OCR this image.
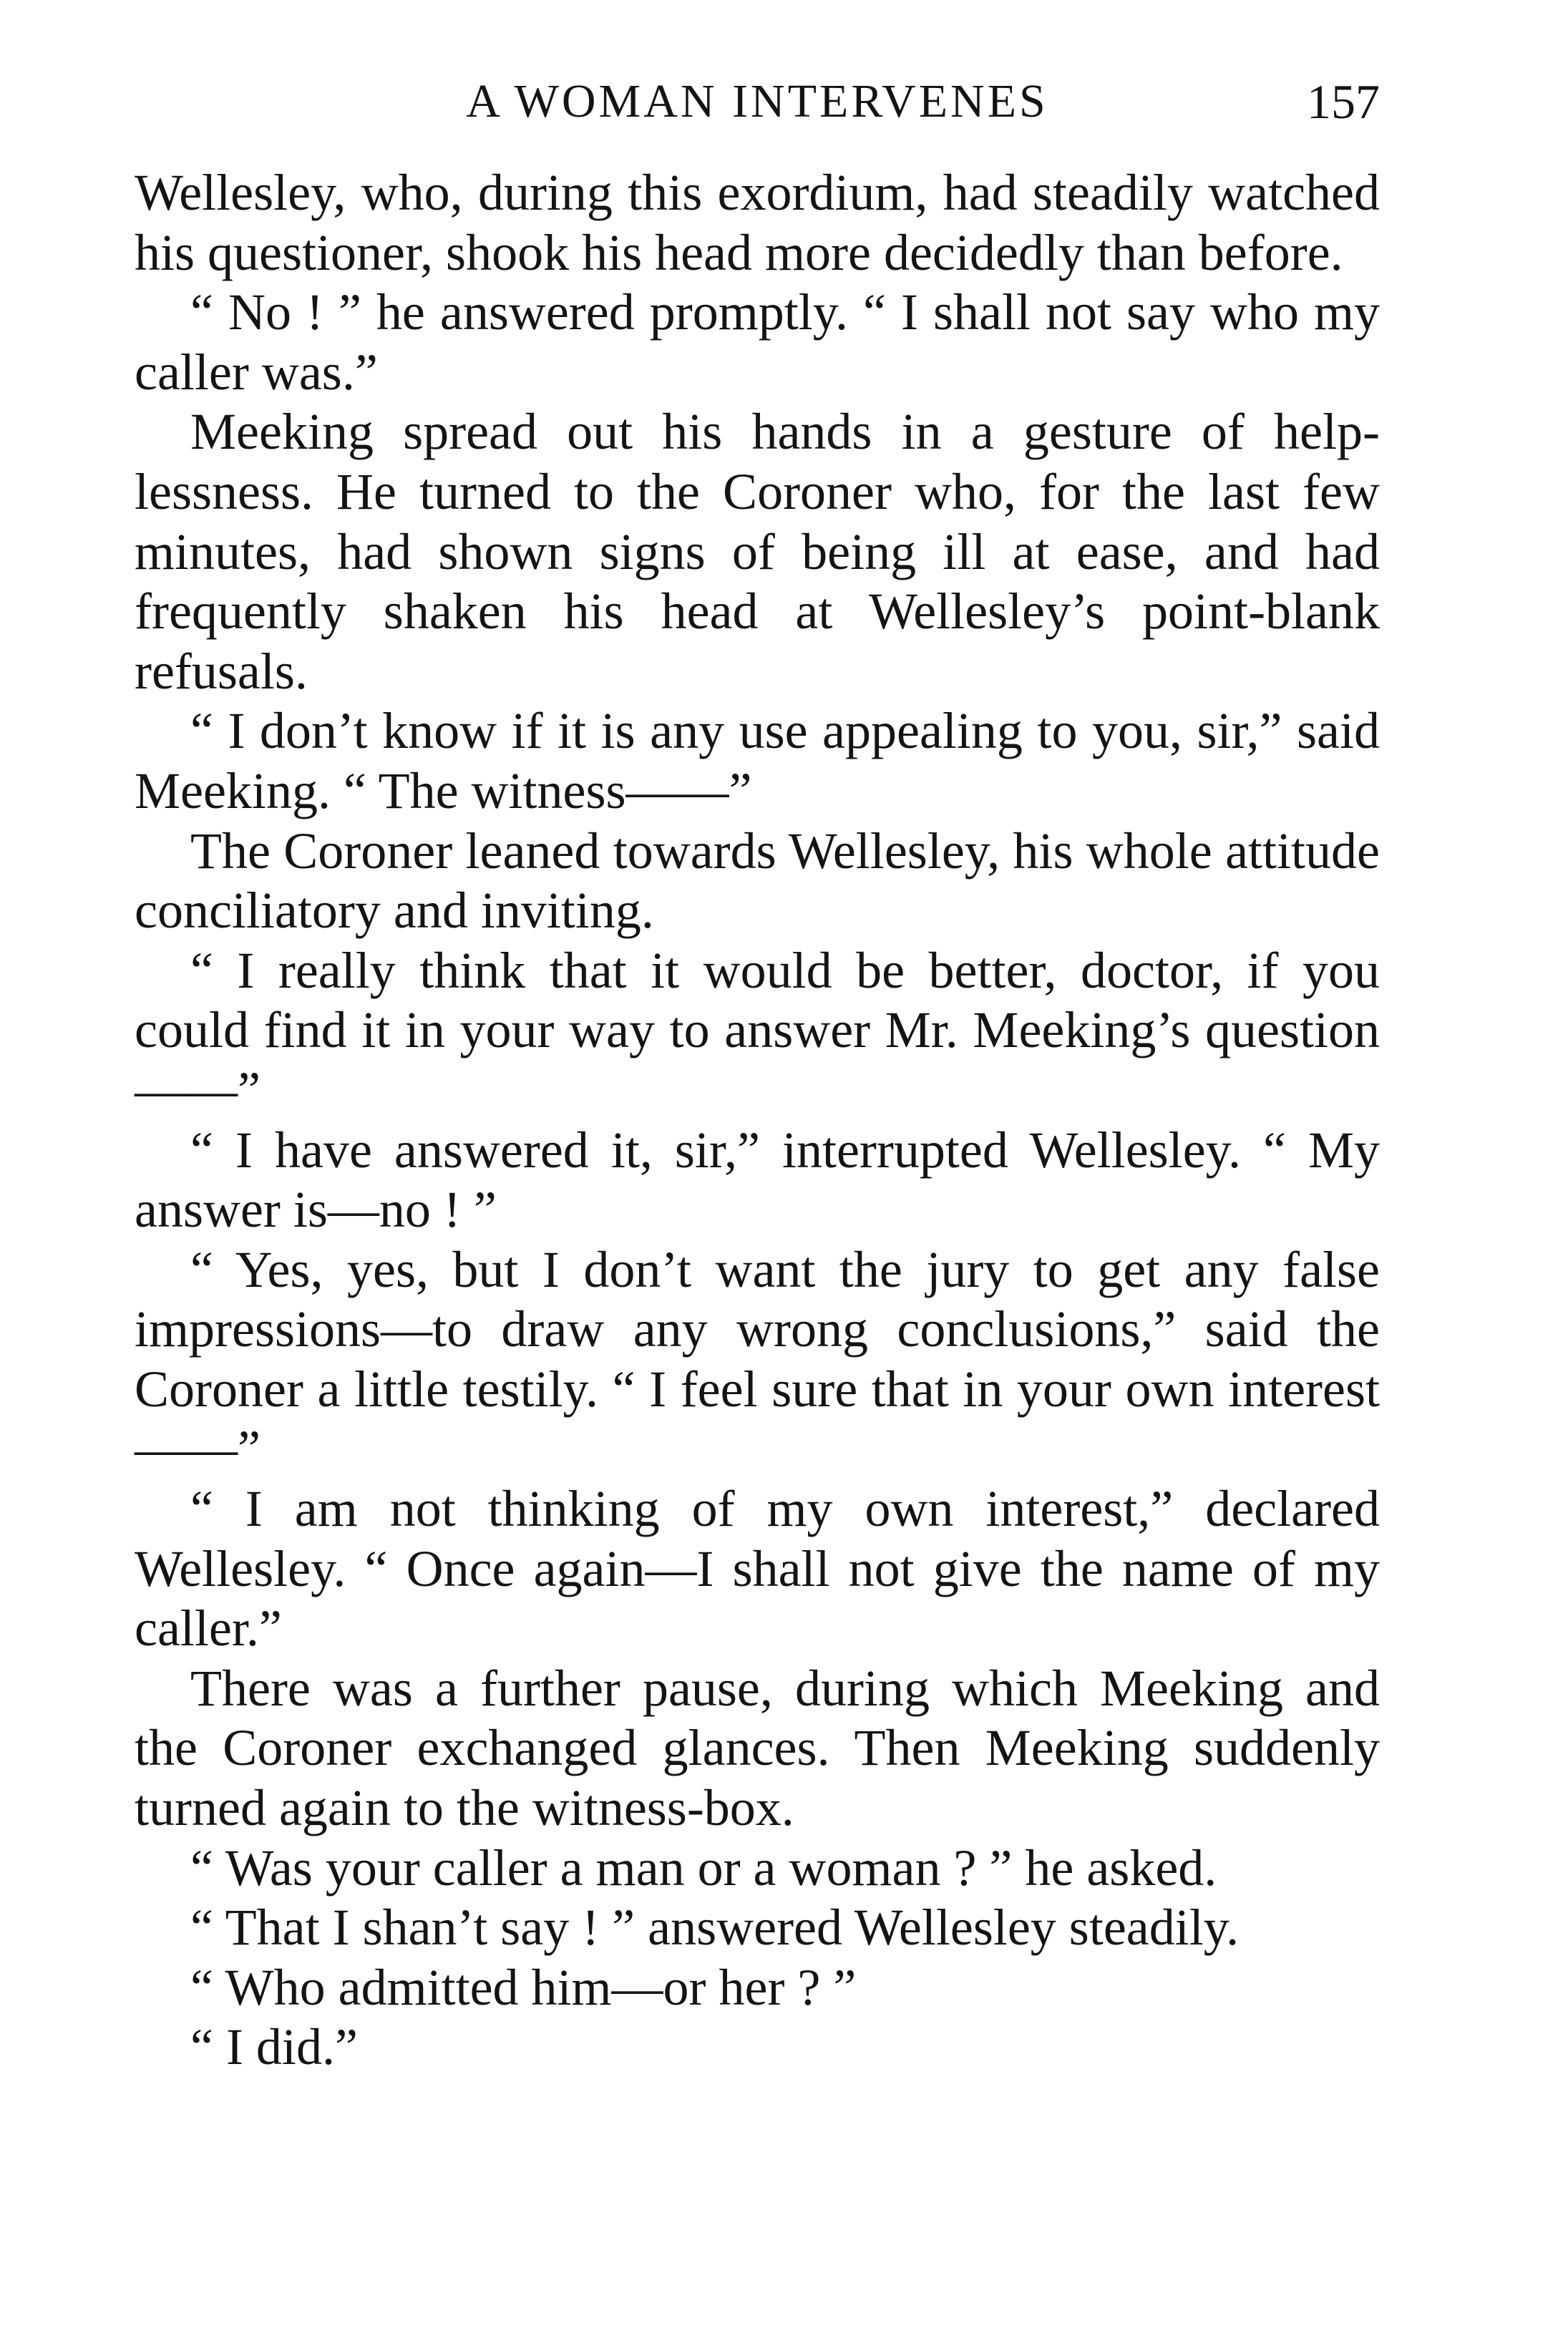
A WOMAN INTERVENES	157

Wellesley, who, during this exordium, had steadily watched his questioner, shook his head more decidedly than before.

“ No ! ” he answered promptly. “ I shall not say who my caller was.”

Meeking spread out his hands in a gesture of helplessness. He turned to the Coroner who, for the last few minutes, had shown signs of being ill at ease, and had frequently shaken his head at Wellesley’s point-blank refusals.

“ I don’t know if it is any use appealing to you, sir,” said Meeking. “ The witness——”

The Coroner leaned towards Wellesley, his whole attitude conciliatory and inviting.

“ I really think that it would be better, doctor, if you could find it in your way to answer Mr. Meeking’s question——”

“ I have answered it, sir,” interrupted Wellesley. “ My answer is—no ! ”

“ Yes, yes, but I don’t want the jury to get any false impressions—to draw any wrong conclusions,” said the Coroner a little testily. “ I feel sure that in your own interest——”

“ I am not thinking of my own interest,” declared Wellesley. “ Once again—I shall not give the name of my caller.”

There was a further pause, during which Meeking and the Coroner exchanged glances. Then Meeking suddenly turned again to the witness-box.

“ Was your caller a man or a woman ? ” he asked.

“ That I shan’t say ! ” answered Wellesley steadily.

“ Who admitted him—or her ? ”

“ I did.”
